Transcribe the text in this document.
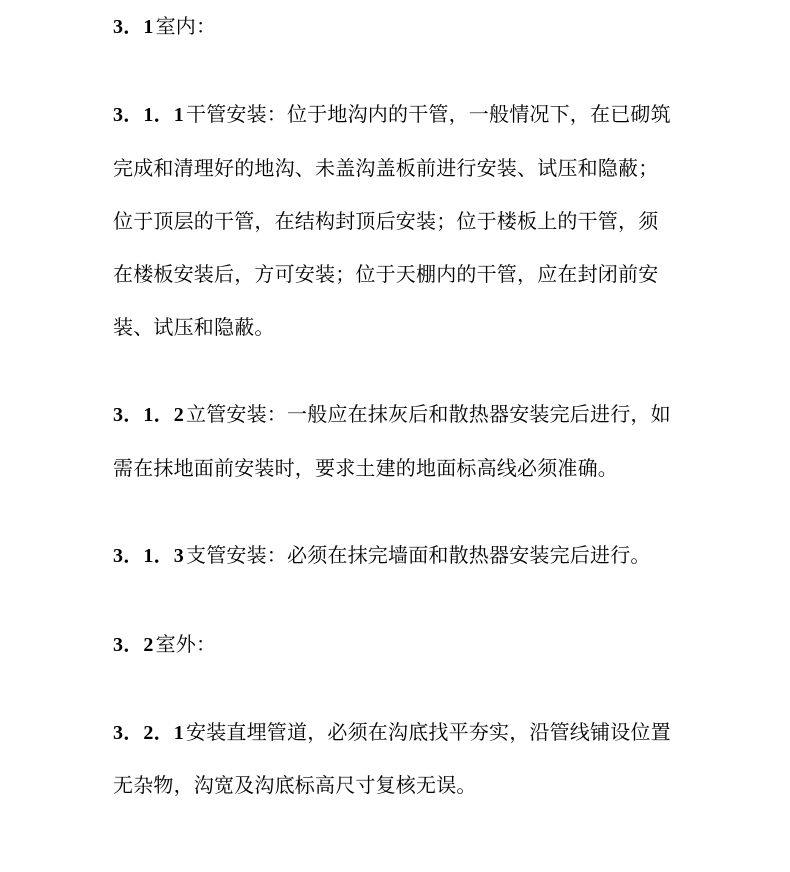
3．1 室内：
3．1．1 干管安装：位于地沟内的干管，一般情况下，在已砌筑
完成和清理好的地沟、未盖沟盖板前进行安装、试压和隐蔽；
位于顶层的干管，在结构封顶后安装；位于楼板上的干管，须
在楼板安装后，方可安装；位于天棚内的干管，应在封闭前安
装、试压和隐蔽。
3．1．2 立管安装：一般应在抹灰后和散热器安装完后进行，如
需在抹地面前安装时，要求土建的地面标高线必须准确。
3．1．3 支管安装：必须在抹完墙面和散热器安装完后进行。
3．2 室外：
3．2．1 安装直埋管道，必须在沟底找平夯实，沿管线铺设位置
无杂物，沟宽及沟底标高尺寸复核无误。
